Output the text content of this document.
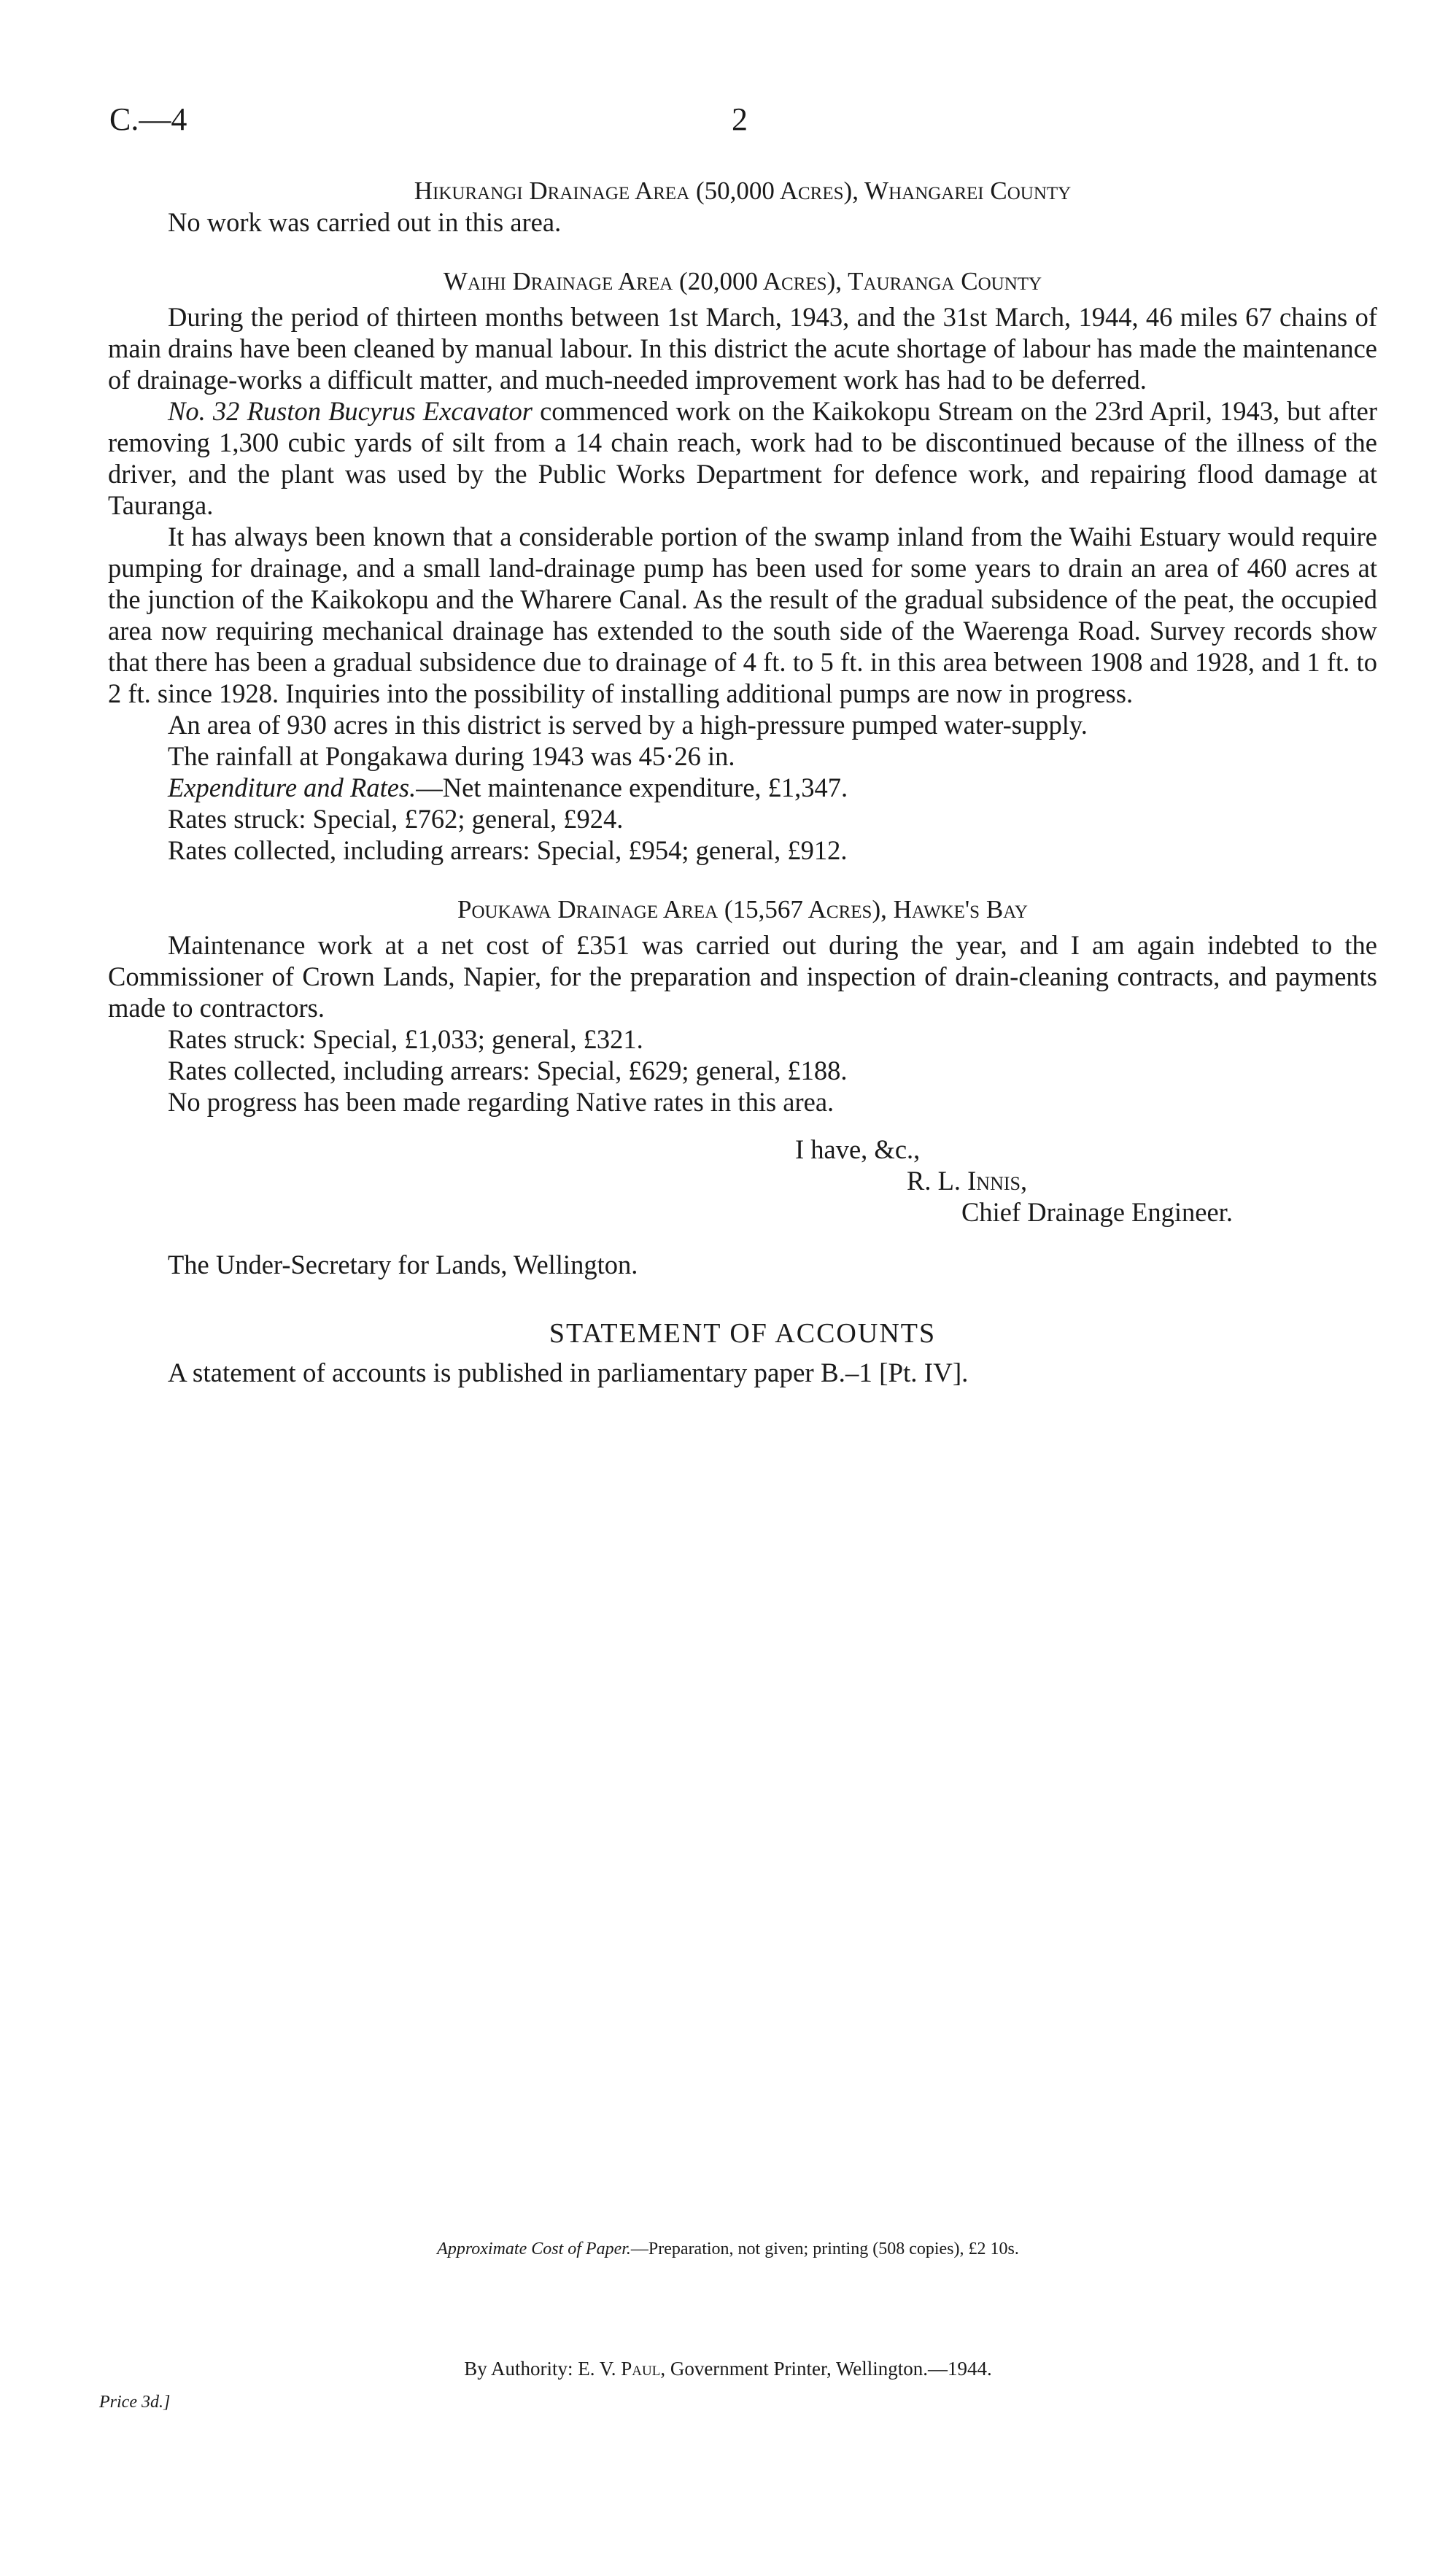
C.—4	2

Hikurangi Drainage Area (50,000 Acres), Whangarei County

No work was carried out in this area.

Waihi Drainage Area (20,000 Acres), Tauranga County

During the period of thirteen months between 1st March, 1943, and the 31st March, 1944, 46 miles 67 chains of main drains have been cleaned by manual labour. In this district the acute shortage of labour has made the maintenance of drainage-works a difficult matter, and much-needed improvement work has had to be deferred.

No. 32 Ruston Bucyrus Excavator commenced work on the Kaikokopu Stream on the 23rd April, 1943, but after removing 1,300 cubic yards of silt from a 14 chain reach, work had to be discontinued because of the illness of the driver, and the plant was used by the Public Works Department for defence work, and repairing flood damage at Tauranga.

It has always been known that a considerable portion of the swamp inland from the Waihi Estuary would require pumping for drainage, and a small land-drainage pump has been used for some years to drain an area of 460 acres at the junction of the Kaikokopu and the Wharere Canal. As the result of the gradual subsidence of the peat, the occupied area now requiring mechanical drainage has extended to the south side of the Waerenga Road. Survey records show that there has been a gradual subsidence due to drainage of 4 ft. to 5 ft. in this area between 1908 and 1928, and 1 ft. to 2 ft. since 1928. Inquiries into the possibility of installing additional pumps are now in progress.

An area of 930 acres in this district is served by a high-pressure pumped water-supply.

The rainfall at Pongakawa during 1943 was 45·26 in.

Expenditure and Rates.—Net maintenance expenditure, £1,347.

Rates struck: Special, £762; general, £924.

Rates collected, including arrears: Special, £954; general, £912.

Poukawa Drainage Area (15,567 Acres), Hawke's Bay

Maintenance work at a net cost of £351 was carried out during the year, and I am again indebted to the Commissioner of Crown Lands, Napier, for the preparation and inspection of drain-cleaning contracts, and payments made to contractors.

Rates struck: Special, £1,033; general, £321.

Rates collected, including arrears: Special, £629; general, £188.

No progress has been made regarding Native rates in this area.

I have, &c.,
R. L. Innis,
Chief Drainage Engineer.

The Under-Secretary for Lands, Wellington.

STATEMENT OF ACCOUNTS

A statement of accounts is published in parliamentary paper B.–1 [Pt. IV].

Approximate Cost of Paper.—Preparation, not given; printing (508 copies), £2 10s.
By Authority: E. V. Paul, Government Printer, Wellington.—1944.
Price 3d.]
